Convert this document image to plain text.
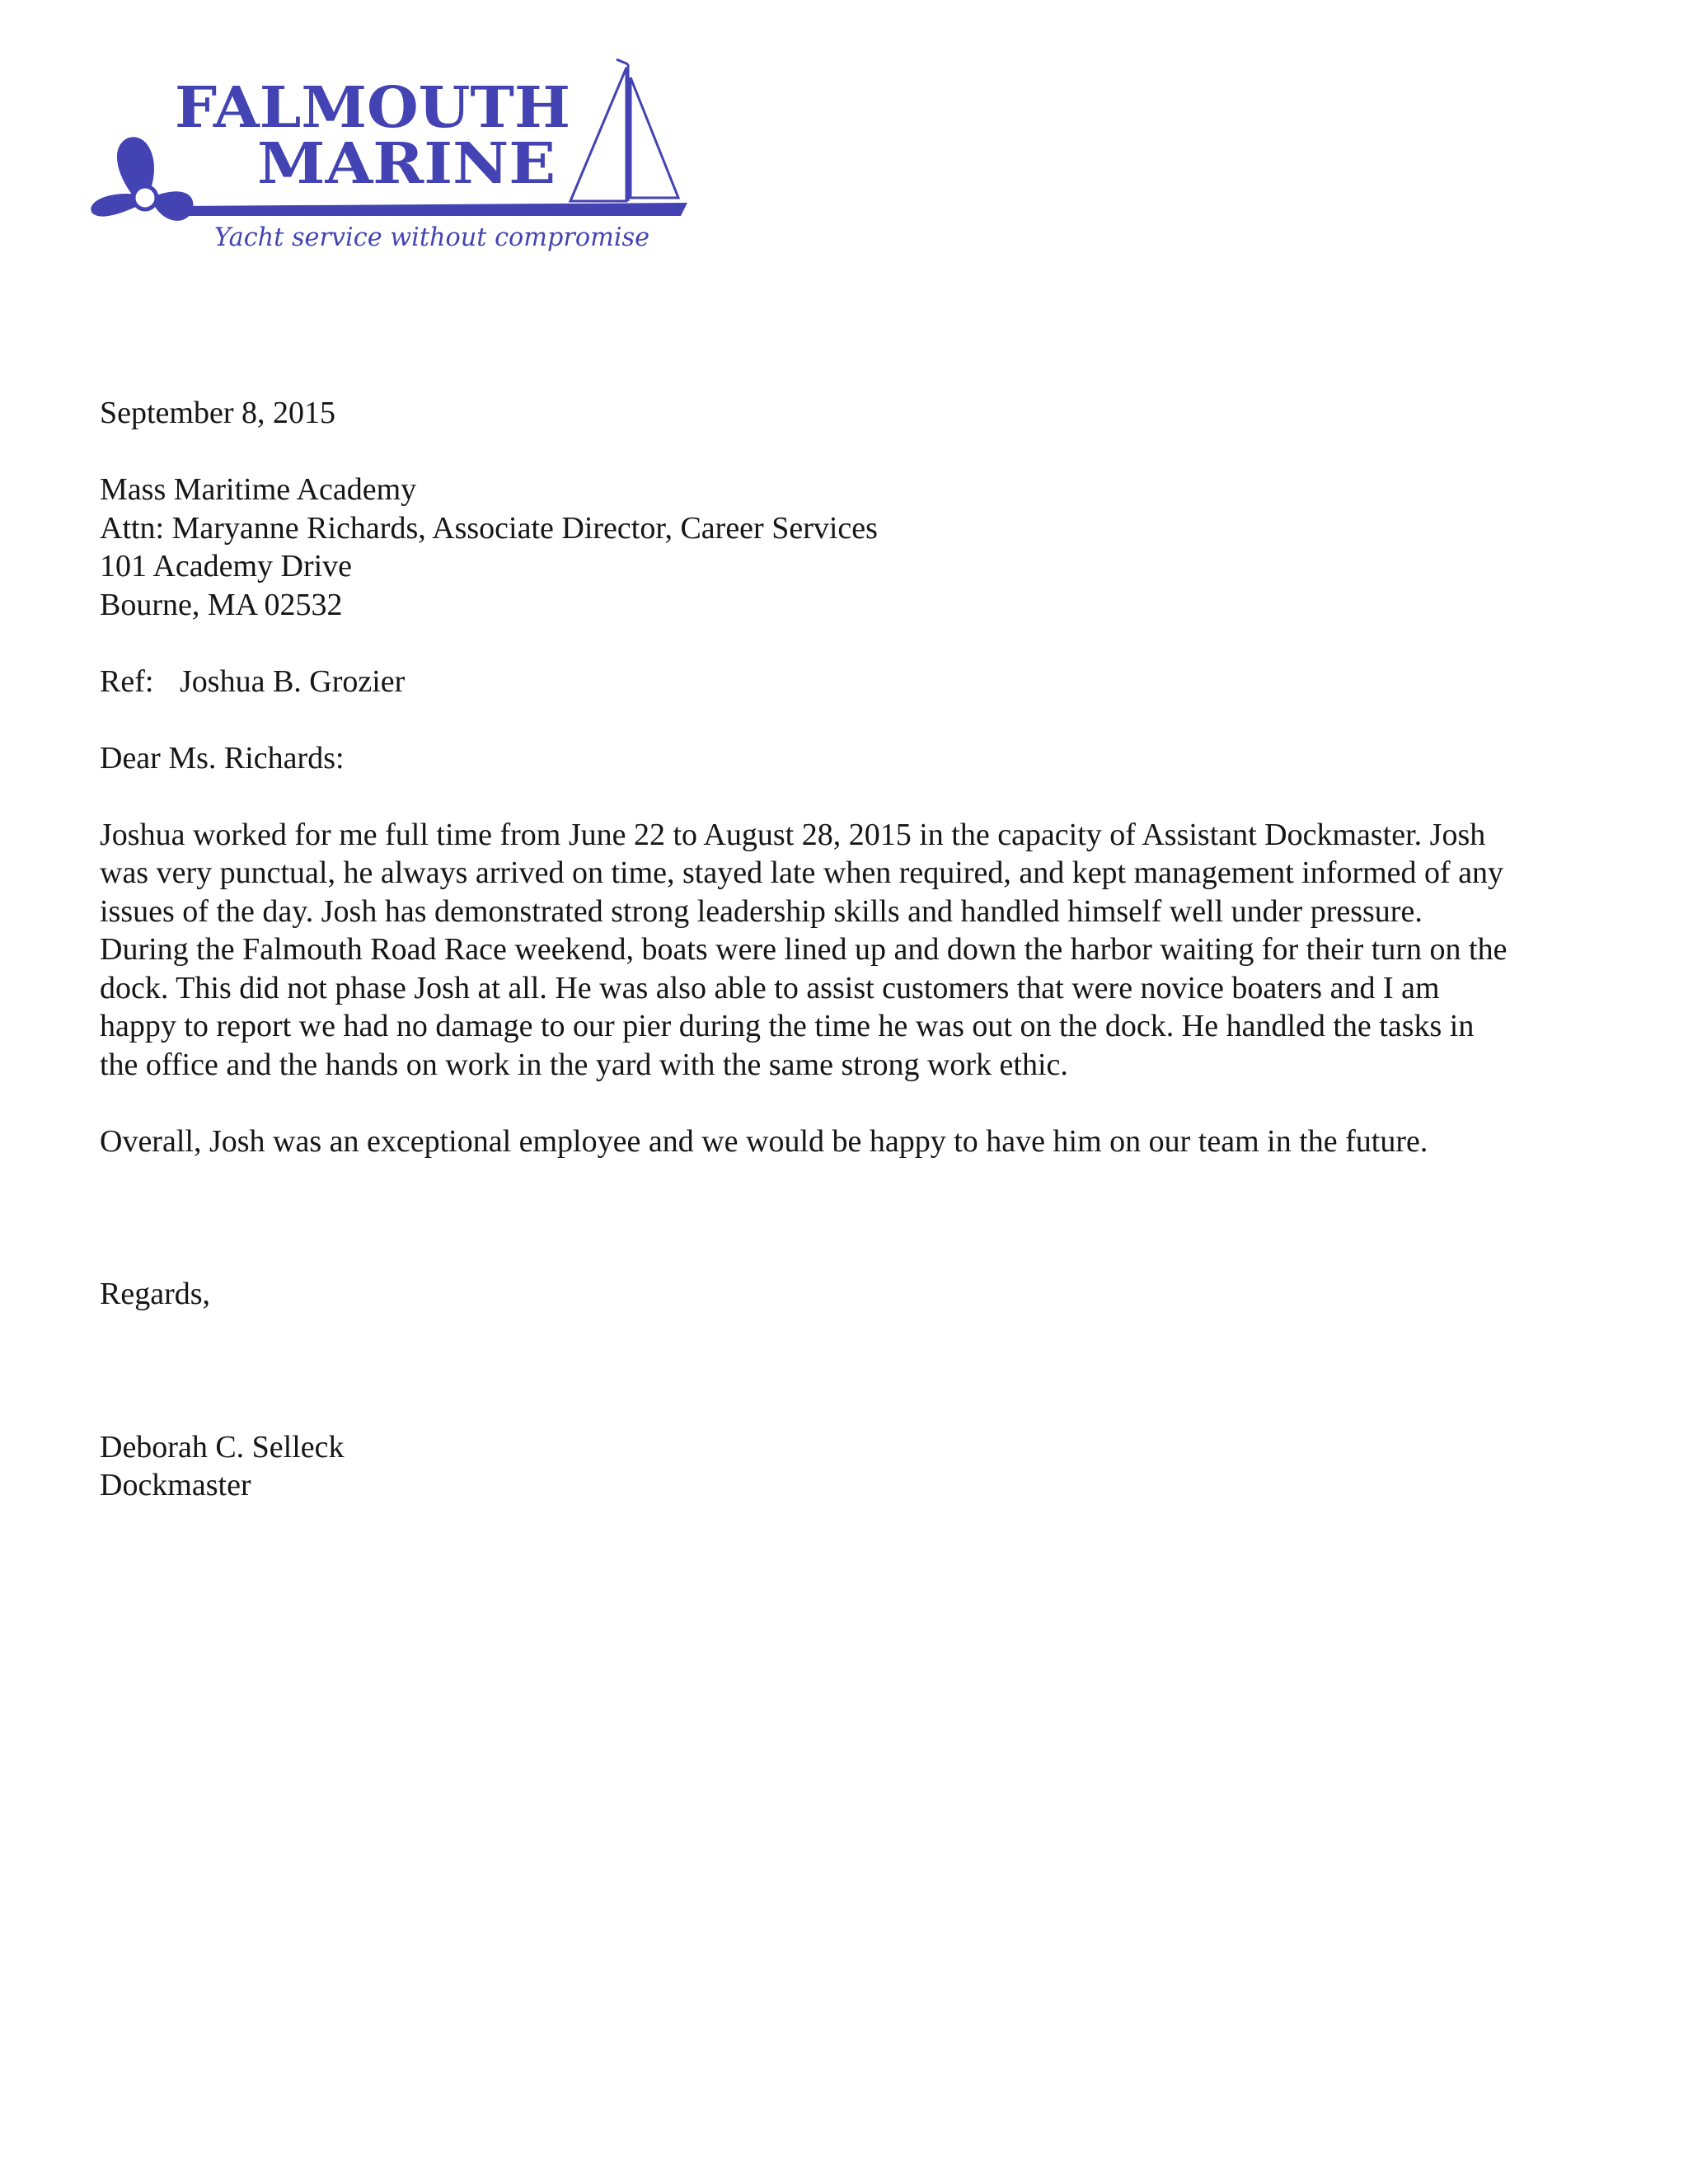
FALMOUTH
MARINE
Yacht service without compromise
September 8, 2015
Mass Maritime Academy
Attn: Maryanne Richards, Associate Director, Career Services
101 Academy Drive
Bourne, MA 02532
Ref: Joshua B. Grozier
Dear Ms. Richards:
Joshua worked for me full time from June 22 to August 28, 2015 in the capacity of Assistant Dockmaster. Josh
was very punctual, he always arrived on time, stayed late when required, and kept management informed of any
issues of the day. Josh has demonstrated strong leadership skills and handled himself well under pressure.
During the Falmouth Road Race weekend, boats were lined up and down the harbor waiting for their turn on the
dock. This did not phase Josh at all. He was also able to assist customers that were novice boaters and I am
happy to report we had no damage to our pier during the time he was out on the dock. He handled the tasks in
the office and the hands on work in the yard with the same strong work ethic.
Overall, Josh was an exceptional employee and we would be happy to have him on our team in the future.
Regards,
Deborah C. Selleck
Dockmaster
